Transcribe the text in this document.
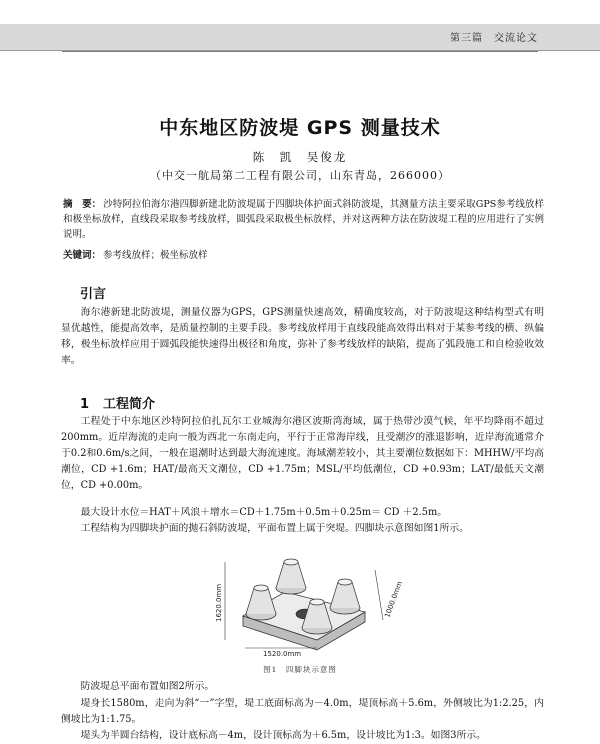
第三篇　交流论文
中东地区防波堤 GPS 测量技术
陈　凯　吴俊龙
（中交一航局第二工程有限公司，山东青岛，266000）
摘　要： 沙特阿拉伯海尔港四脚新建北防波堤属于四脚块体护面式斜防波堤，其测量方法主要采取GPS参考线放样和极坐标放样，直线段采取参考线放样，圆弧段采取极坐标放样，并对这两种方法在防波堤工程的应用进行了实例说明。
关键词： 参考线放样；极坐标放样
引言

海尔港新建北防波堤，测量仪器为GPS，GPS测量快速高效，精确度较高，对于防波堤这种结构型式有明显优越性，能提高效率，是质量控制的主要手段。参考线放样用于直线段能高效得出料对于某参考线的横、纵偏移，极坐标放样应用于圆弧段能快速得出极径和角度，弥补了参考线放样的缺陷，提高了弧段施工和自检验收效率。

1 工程简介

工程处于中东地区沙特阿拉伯扎瓦尔工业城海尔港区波斯湾海域，属于热带沙漠气候，年平均降雨不超过200mm。近岸海流的走向一般为西北一东南走向，平行于正常海岸线，且受潮汐的涨退影响，近岸海流通常介于0.2和0.6m/s之间，一般在退潮时达到最大海流速度。海域潮差较小，其主要潮位数据如下：MHHW/平均高潮位，CD +1.6m；HAT/最高天文潮位，CD +1.75m；MSL/平均低潮位，CD +0.93m；LAT/最低天文潮位，CD +0.00m。

最大设计水位＝HAT＋风浪＋增水＝CD＋1.75m＋0.5m＋0.25m＝ CD ＋2.5m。

工程结构为四脚块护面的抛石斜防波堤，平面布置上属于突堤。四脚块示意图如图1所示。

1520.0mm
1620.0mm	1000.0mm
图1　四脚块示意图

防波堤总平面布置如图2所示。

堤身长1580m，走向为斜“一”字型，堤工底面标高为－4.0m，堤顶标高＋5.6m，外侧坡比为1:2.25，内侧坡比为1:1.75。

堤头为半圆台结构，设计底标高－4m，设计顶标高为＋6.5m，设计坡比为1:3。如图3所示。
